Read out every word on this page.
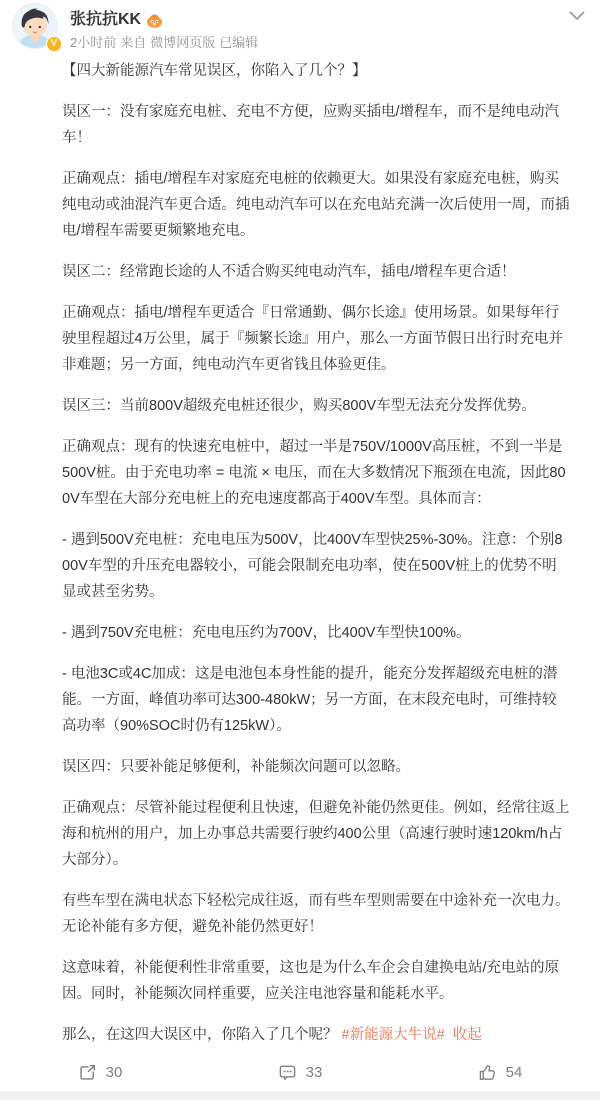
V
张抗抗KK
2小时前 来自 微博网页版 已编辑

【四大新能源汽车常见误区，你陷入了几个？】

误区一：没有家庭充电桩、充电不方便，应购买插电/增程车，而不是纯电动汽车！

正确观点：插电/增程车对家庭充电桩的依赖更大。如果没有家庭充电桩，购买纯电动或油混汽车更合适。纯电动汽车可以在充电站充满一次后使用一周，而插电/增程车需要更频繁地充电。

误区二：经常跑长途的人不适合购买纯电动汽车，插电/增程车更合适！

正确观点：插电/增程车更适合『日常通勤、偶尔长途』使用场景。如果每年行驶里程超过4万公里，属于『频繁长途』用户，那么一方面节假日出行时充电并非难题；另一方面，纯电动汽车更省钱且体验更佳。

误区三：当前800V超级充电桩还很少，购买800V车型无法充分发挥优势。

正确观点：现有的快速充电桩中，超过一半是750V/1000V高压桩，不到一半是500V桩。由于充电功率 = 电流 × 电压，而在大多数情况下瓶颈在电流，因此800V车型在大部分充电桩上的充电速度都高于400V车型。具体而言：

- 遇到500V充电桩：充电电压为500V，比400V车型快25%-30%。注意：个别800V车型的升压充电器较小，可能会限制充电功率，使在500V桩上的优势不明显或甚至劣势。

- 遇到750V充电桩：充电电压约为700V，比400V车型快100%。

- 电池3C或4C加成：这是电池包本身性能的提升，能充分发挥超级充电桩的潜能。一方面，峰值功率可达300-480kW；另一方面，在末段充电时，可维持较高功率（90%SOC时仍有125kW）。

误区四：只要补能足够便利，补能频次问题可以忽略。

正确观点：尽管补能过程便利且快速，但避免补能仍然更佳。例如，经常往返上海和杭州的用户，加上办事总共需要行驶约400公里（高速行驶时速120km/h占大部分）。

有些车型在满电状态下轻松完成往返，而有些车型则需要在中途补充一次电力。无论补能有多方便，避免补能仍然更好！

这意味着，补能便利性非常重要，这也是为什么车企会自建换电站/充电站的原因。同时，补能频次同样重要，应关注电池容量和能耗水平。

那么，在这四大误区中，你陷入了几个呢？ #新能源大牛说# 收起

30	33	54
